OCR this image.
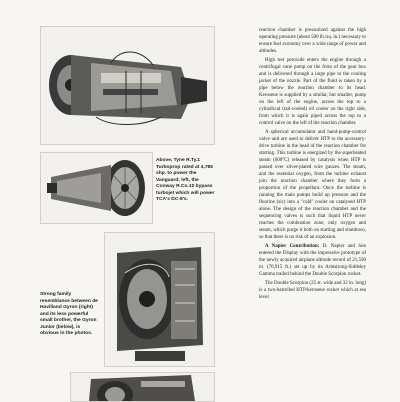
Above, Tyne R.Ty.1 Turboprop rated at 4,785 shp. to power the Vanguard; left, the Conway R.Co.10 bypass turbojet which will power TCA's DC-8's.
Strong family resemblance between de Havilland Gyron (right) and its less powerful small brother, the Gyron Junior (below), is obvious in the photos.

reaction chamber is pressurized against the high operating pressure (about 500 lb./sq. in.) necessary to ensure fuel economy over a wide range of power and altitudes.

High test peroxide enters the engine through a centrifugal vane pump on the front of the gear box and is delivered through a large pipe to the cooling jacket of the nozzle. Part of the fluid is taken by a pipe below the reaction chamber to its head. Kerosene is supplied by a similar, but smaller, pump on the left of the engine, across the top to a cylindrical (tail-cooled) oil cooler on the right side, from which it is again piped across the top to a control valve on the left of the reaction chamber.

A spherical accumulator and hand-pump-control valve unit are used to deliver HTP to the accessory-drive turbine in the head of the reaction chamber for starting. This turbine is energized by the superheated steam (600°C) released by catalysis when HTP is passed over silver-plated wire gauzes. The steam, and the essential oxygen, from the turbine exhaust join the reaction chamber where they form a proportion of the propellant. Once the turbine is running the main pumps build up pressure and the fluorine (sic) into a "cold" cooler on catalysed HTP alone. The design of the reaction chamber and the sequencing valves is such that liquid HTP never reaches the combustion zone, only oxygen and steam, which purge it both on starting and shutdown, so that there is no risk of an explosion.

A Napier Contribution: D. Napier and Son entered the Display with the impressive prototype of the newly acquired airplane altitude record of 21,590 m. (70,915 ft.) set up by its Armstrong-Siddeley Gamma trailed behind the Double Scorpion rocket.

The Double Scorpion (25 st. wide and 32 in. long) is a two-barrelled HTP/kerosene rocket which at sea level
